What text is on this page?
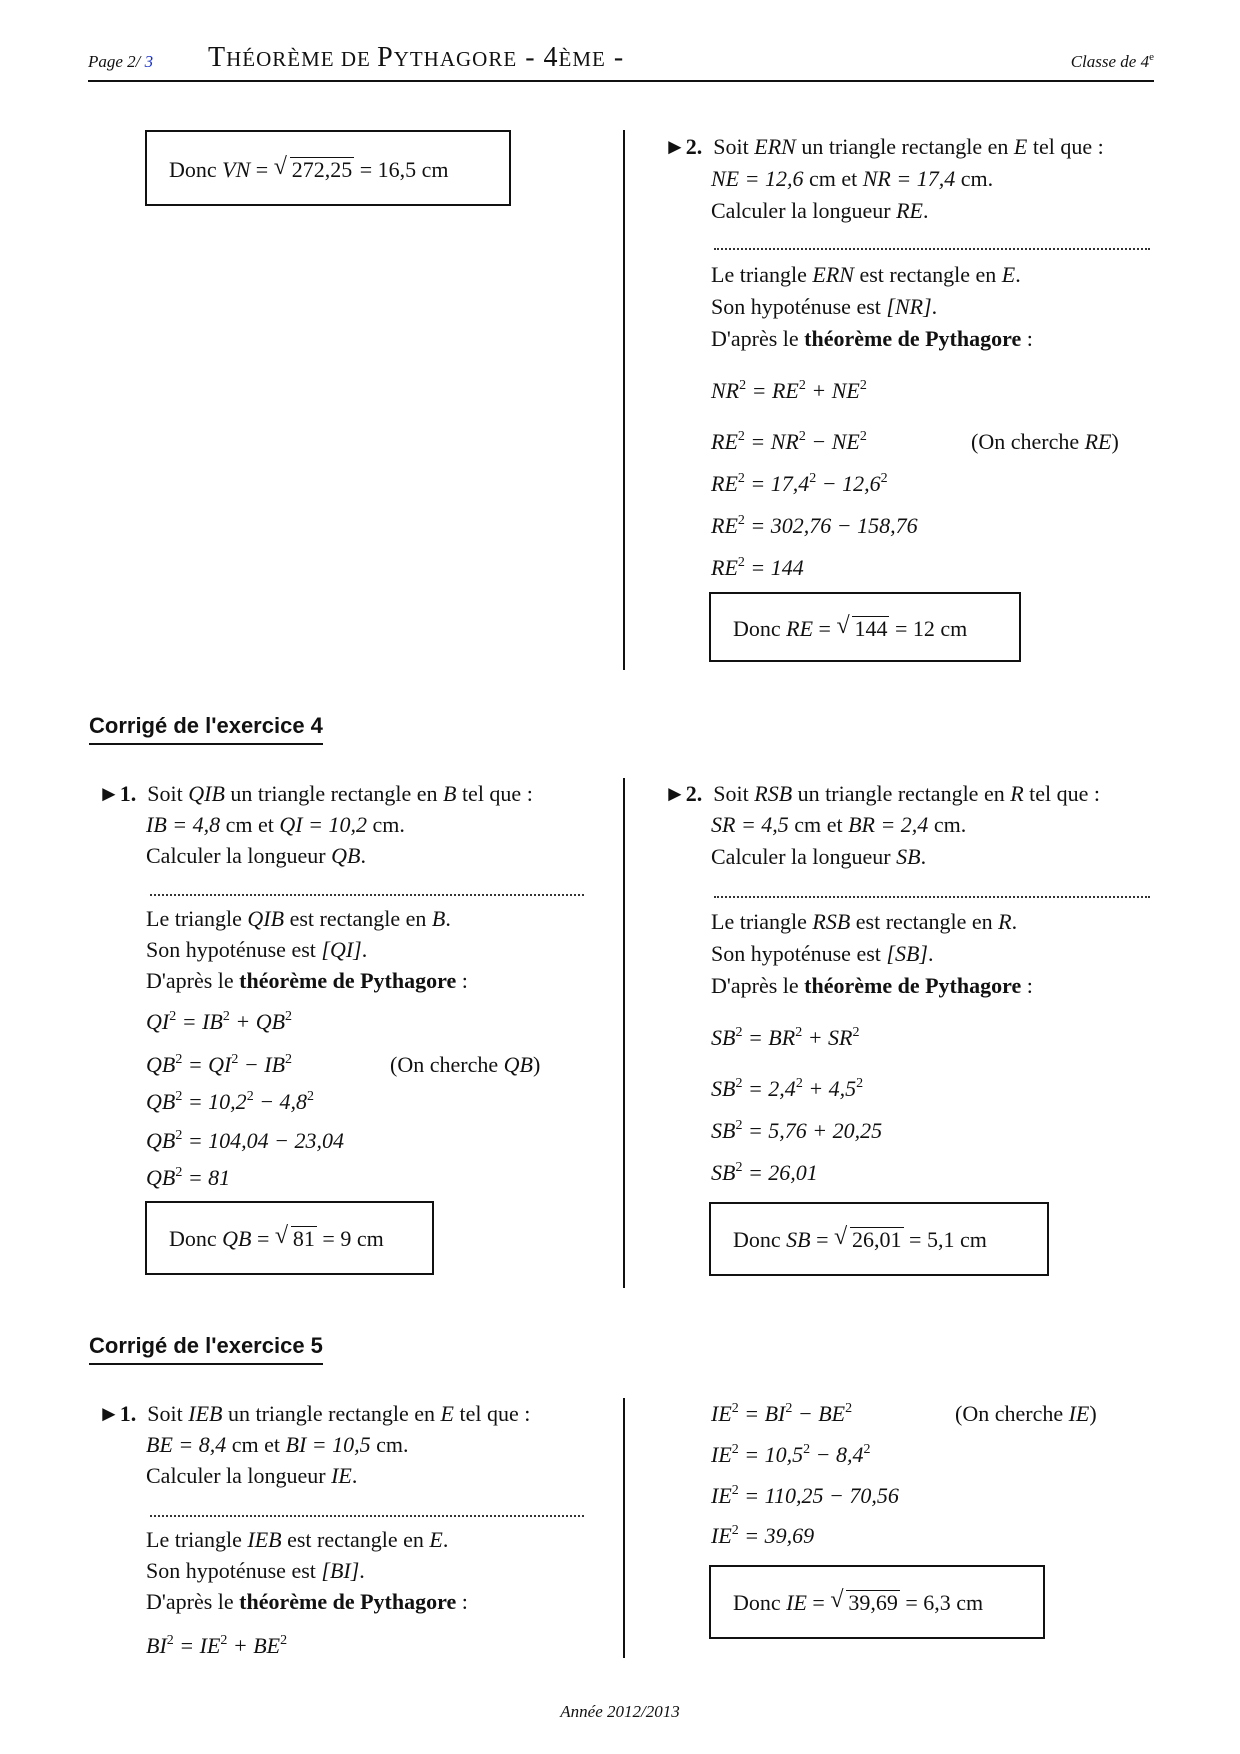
Page 2/ 3 THÉORÈME DE PYTHAGORE - 4ÈME -	Classe de 4e
Donc VN = √ 272,25 = 16,5 cm
►2. Soit ERN un triangle rectangle en E tel que :
NE = 12,6 cm et NR = 17,4 cm.
Calculer la longueur RE.
Le triangle ERN est rectangle en E.
Son hypoténuse est [NR].
D'après le théorème de Pythagore :
$NR^2 = RE^2 + NE^2$
$RE^2 = NR^2 - NE^2$	(On cherche RE)
$RE^2 = 17,4^2 - 12,6^2$
$RE^2 = 302,76 - 158,76$
$RE^2 = 144$
Donc RE = √ 144 = 12 cm
Corrigé de l'exercice 4
►1. Soit QIB un triangle rectangle en B tel que :
IB = 4,8 cm et QI = 10,2 cm.
Calculer la longueur QB.
Le triangle QIB est rectangle en B.
Son hypoténuse est [QI].
D'après le théorème de Pythagore :
$QI^2 = IB^2 + QB^2$
$QB^2 = QI^2 - IB^2$	(On cherche QB)
$QB^2 = 10,2^2 - 4,8^2$
$QB^2 = 104,04 - 23,04$
$QB^2 = 81$
Donc QB = √ 81 = 9 cm
►2. Soit RSB un triangle rectangle en R tel que :
SR = 4,5 cm et BR = 2,4 cm.
Calculer la longueur SB.
Le triangle RSB est rectangle en R.
Son hypoténuse est [SB].
D'après le théorème de Pythagore :
$SB^2 = BR^2 + SR^2$
$SB^2 = 2,4^2 + 4,5^2$
$SB^2 = 5,76 + 20,25$
$SB^2 = 26,01$
Donc SB = √ 26,01 = 5,1 cm
Corrigé de l'exercice 5
►1. Soit IEB un triangle rectangle en E tel que :
BE = 8,4 cm et BI = 10,5 cm.
Calculer la longueur IE.
Le triangle IEB est rectangle en E.
Son hypoténuse est [BI].
D'après le théorème de Pythagore :
$BI^2 = IE^2 + BE^2$
$IE^2 = BI^2 - BE^2$	(On cherche IE)
$IE^2 = 10,5^2 - 8,4^2$
$IE^2 = 110,25 - 70,56$
$IE^2 = 39,69$
Donc IE = √ 39,69 = 6,3 cm
Année 2012/2013
